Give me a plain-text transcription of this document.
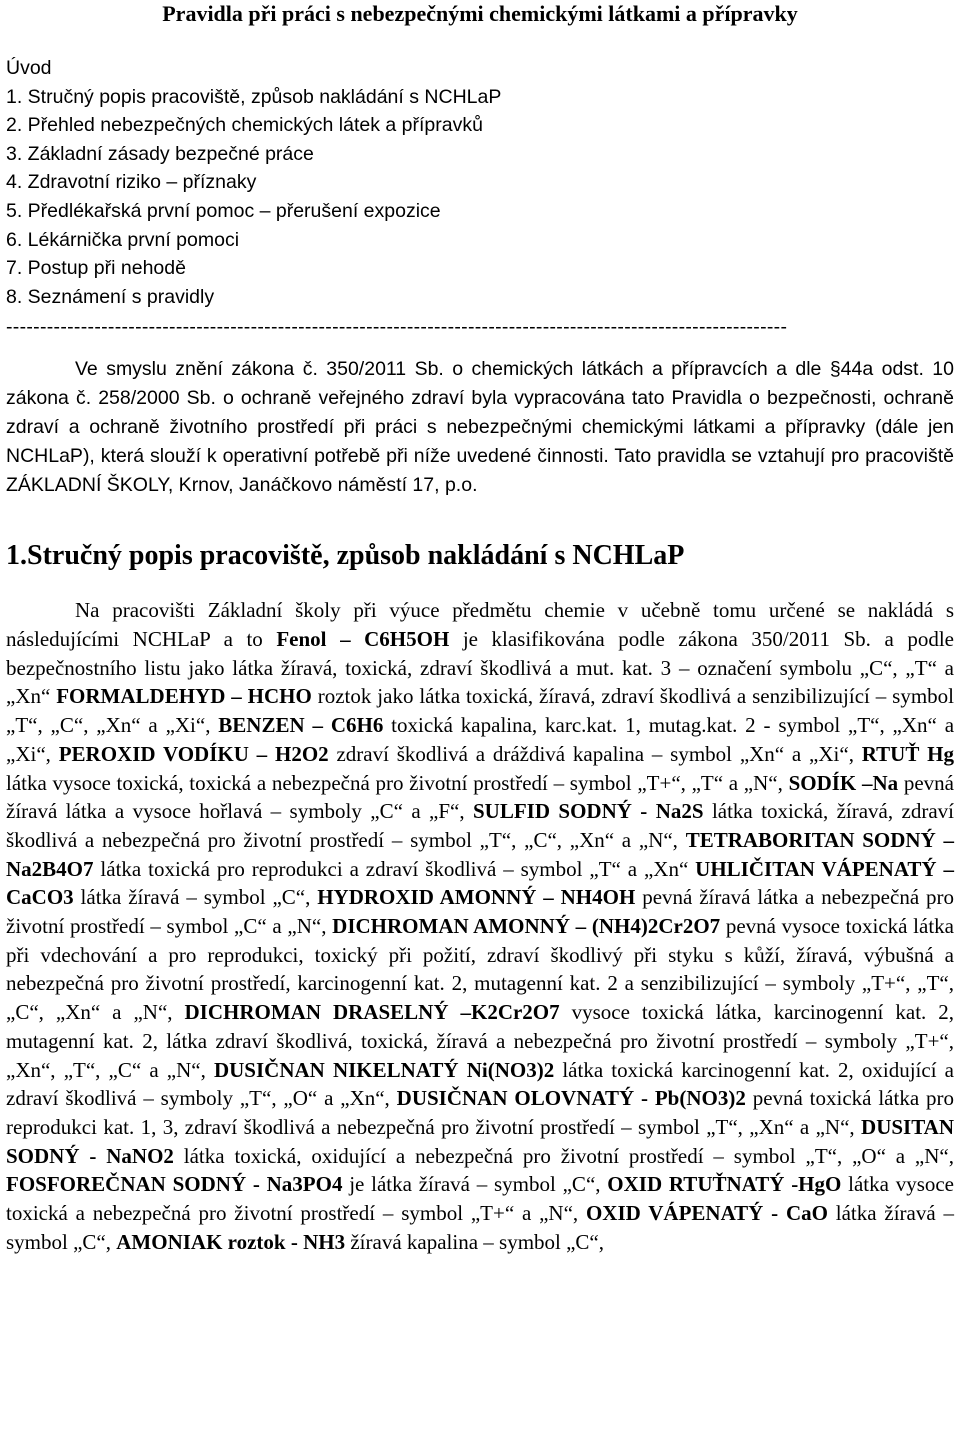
Pravidla při práci s nebezpečnými chemickými látkami a přípravky
Úvod
1. Stručný popis pracoviště, způsob nakládání s NCHLaP
2. Přehled nebezpečných chemických látek a přípravků
3. Základní zásady bezpečné práce
4. Zdravotní riziko – příznaky
5. Předlékařská první pomoc – přerušení expozice
6. Lékárnička první pomoci
7. Postup při nehodě
8. Seznámení s pravidly
-------------------------------------------------------------------------------------------------------------------

Ve smyslu znění zákona č. 350/2011 Sb. o chemických látkách a přípravcích a dle §44a odst. 10 zákona č. 258/2000 Sb. o ochraně veřejného zdraví byla vypracována tato Pravidla o bezpečnosti, ochraně zdraví a ochraně životního prostředí při práci s nebezpečnými chemickými látkami a přípravky (dále jen NCHLaP), která slouží k operativní potřebě při níže uvedené činnosti. Tato pravidla se vztahují pro pracoviště ZÁKLADNÍ ŠKOLY, Krnov, Janáčkovo náměstí 17, p.o.

1.Stručný popis pracoviště, způsob nakládání s NCHLaP

Na pracovišti Základní školy při výuce předmětu chemie v učebně tomu určené se nakládá s následujícími NCHLaP a to Fenol – C6H5OH je klasifikována podle zákona 350/2011 Sb. a podle bezpečnostního listu jako látka žíravá, toxická, zdraví škodlivá a mut. kat. 3 – označení symbolu „C“, „T“ a „Xn“ FORMALDEHYD – HCHO roztok jako látka toxická, žíravá, zdraví škodlivá a senzibilizující – symbol „T“, „C“, „Xn“ a „Xi“, BENZEN – C6H6 toxická kapalina, karc.kat. 1, mutag.kat. 2 - symbol „T“, „Xn“ a „Xi“, PEROXID VODÍKU – H2O2 zdraví škodlivá a dráždivá kapalina – symbol „Xn“ a „Xi“, RTUŤ Hg látka vysoce toxická, toxická a nebezpečná pro životní prostředí – symbol „T+“, „T“ a „N“, SODÍK –Na pevná žíravá látka a vysoce hořlavá – symboly „C“ a „F“, SULFID SODNÝ - Na2S látka toxická, žíravá, zdraví škodlivá a nebezpečná pro životní prostředí – symbol „T“, „C“, „Xn“ a „N“, TETRABORITAN SODNÝ – Na2B4O7 látka toxická pro reprodukci a zdraví škodlivá – symbol „T“ a „Xn“ UHLIČITAN VÁPENATÝ – CaCO3 látka žíravá – symbol „C“, HYDROXID AMONNÝ – NH4OH pevná žíravá látka a nebezpečná pro životní prostředí – symbol „C“ a „N“, DICHROMAN AMONNÝ – (NH4)2Cr2O7 pevná vysoce toxická látka při vdechování a pro reprodukci, toxický při požití, zdraví škodlivý při styku s kůží, žíravá, výbušná a nebezpečná pro životní prostředí, karcinogenní kat. 2, mutagenní kat. 2 a senzibilizující – symboly „T+“, „T“, „C“, „Xn“ a „N“, DICHROMAN DRASELNÝ –K2Cr2O7 vysoce toxická látka, karcinogenní kat. 2, mutagenní kat. 2, látka zdraví škodlivá, toxická, žíravá a nebezpečná pro životní prostředí – symboly „T+“, „Xn“, „T“, „C“ a „N“, DUSIČNAN NIKELNATÝ Ni(NO3)2 látka toxická karcinogenní kat. 2, oxidující a zdraví škodlivá – symboly „T“, „O“ a „Xn“, DUSIČNAN OLOVNATÝ - Pb(NO3)2 pevná toxická látka pro reprodukci kat. 1, 3, zdraví škodlivá a nebezpečná pro životní prostředí – symbol „T“, „Xn“ a „N“, DUSITAN SODNÝ - NaNO2 látka toxická, oxidující a nebezpečná pro životní prostředí – symbol „T“, „O“ a „N“, FOSFOREČNAN SODNÝ - Na3PO4 je látka žíravá – symbol „C“, OXID RTUŤNATÝ -HgO látka vysoce toxická a nebezpečná pro životní prostředí – symbol „T+“ a „N“, OXID VÁPENATÝ - CaO látka žíravá – symbol „C“, AMONIAK roztok - NH3 žíravá kapalina – symbol „C“,
